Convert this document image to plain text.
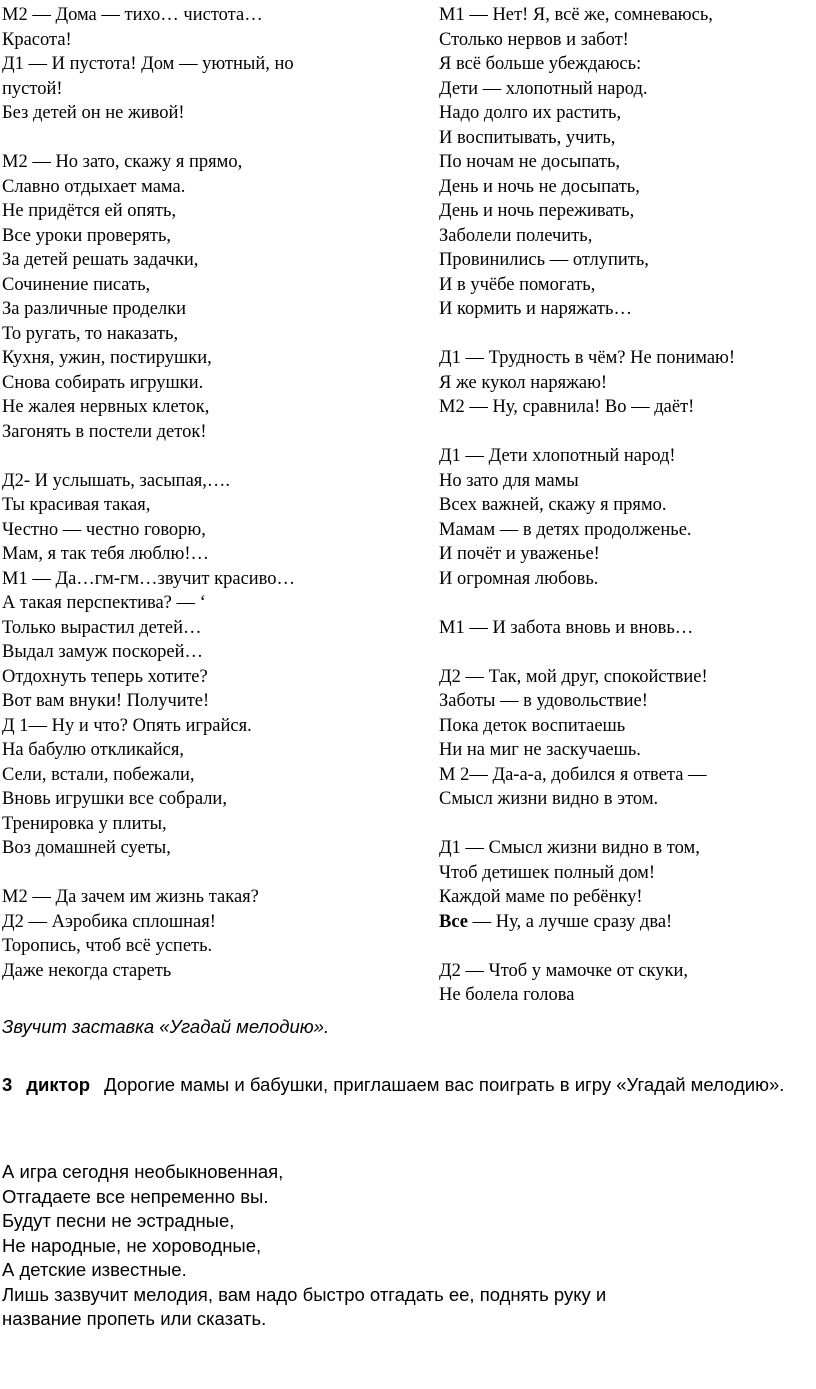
М2 — Дома — тихо… чистота…
Красота!
Д1 — И пустота! Дом — уютный, но
пустой!
Без детей он не живой!
М2 — Но зато, скажу я прямо,
Славно отдыхает мама.
Не придётся ей опять,
Все уроки проверять,
За детей решать задачки,
Сочинение писать,
За различные проделки
То ругать, то наказать,
Кухня, ужин, постирушки,
Снова собирать игрушки.
Не жалея нервных клеток,
Загонять в постели деток!
Д2- И услышать, засыпая,….
Ты красивая такая,
Честно — честно говорю,
Мам, я так тебя люблю!…
М1 — Да…гм-гм…звучит красиво…
А такая перспектива? — ‘
Только вырастил детей…
Выдал замуж поскорей…
Отдохнуть теперь хотите?
Вот вам внуки! Получите!
Д 1— Ну и что? Опять играйся.
На бабулю откликайся,
Сели, встали, побежали,
Вновь игрушки все собрали,
Тренировка у плиты,
Воз домашней суеты,
М2 — Да зачем им жизнь такая?
Д2 — Аэробика сплошная!
Торопись, чтоб всё успеть.
Даже некогда стареть
М1 — Нет! Я, всё же, сомневаюсь,
Столько нервов и забот!
Я всё больше убеждаюсь:
Дети — хлопотный народ.
Надо долго их растить,
И воспитывать, учить,
По ночам не досыпать,
День и ночь не досыпать,
День и ночь переживать,
Заболели полечить,
Провинились — отлупить,
И в учёбе помогать,
И кормить и наряжать…
Д1 — Трудность в чём? Не понимаю!
Я же кукол наряжаю!
М2 — Ну, сравнила! Во — даёт!
Д1 — Дети хлопотный народ!
Но зато для мамы
Всех важней, скажу я прямо.
Мамам — в детях продолженье.
И почёт и уваженье!
И огромная любовь.
М1 — И забота вновь и вновь…
Д2 — Так, мой друг, спокойствие!
Заботы — в удовольствие!
Пока деток воспитаешь
Ни на миг не заскучаешь.
М 2— Да-а-а, добился я ответа —
Смысл жизни видно в этом.
Д1 — Смысл жизни видно в том,
Чтоб детишек полный дом!
Каждой маме по ребёнку!
Все — Ну, а лучше сразу два!
Д2 — Чтоб у мамочке от скуки,
Не болела голова
Звучит заставка «Угадай мелодию».
3 диктор Дорогие мамы и бабушки, приглашаем вас поиграть в игру «Угадай мелодию».
А игра сегодня необыкновенная,
Отгадаете все непременно вы.
Будут песни не эстрадные,
Не народные, не хороводные,
А детские известные.
Лишь зазвучит мелодия, вам надо быстро отгадать ее, поднять руку и
название пропеть или сказать.
